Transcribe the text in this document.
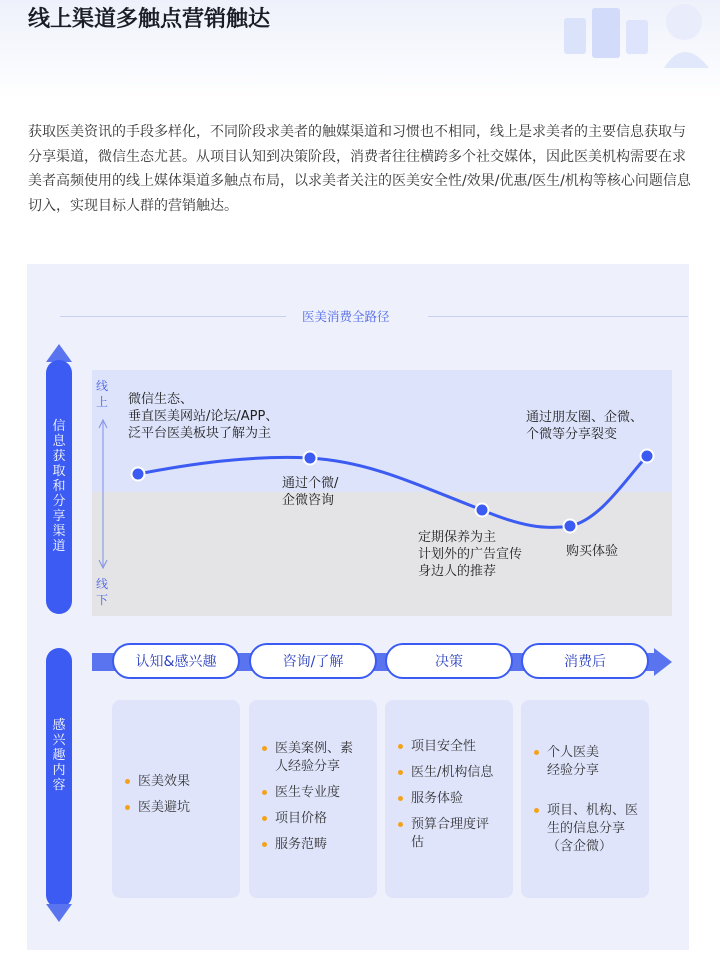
线上渠道多触点营销触达
获取医美资讯的手段多样化，不同阶段求美者的触媒渠道和习惯也不相同，线上是求美者的主要信息获取与分享渠道，微信生态尤甚。从项目认知到决策阶段，消费者往往横跨多个社交媒体，因此医美机构需要在求美者高频使用的线上媒体渠道多触点布局，以求美者关注的医美安全性/效果/优惠/医生/机构等核心问题信息切入，实现目标人群的营销触达。
医美消费全路径
线上
线下
微信生态、
垂直医美网站/论坛/APP、
泛平台医美板块了解为主
通过个微/
企微咨询
定期保养为主
计划外的广告宣传
身边人的推荐
购买体验
通过朋友圈、企微、
个微等分享裂变
信息获取和分享渠道
感兴趣内容
认知&感兴趣	咨询/了解	决策	消费后
医美效果
医美避坑
医美案例、素人经验分享
医生专业度
项目价格
服务范畴
项目安全性
医生/机构信息
服务体验
预算合理度评估
个人医美经验分享
项目、机构、医生的信息分享（含企微）
